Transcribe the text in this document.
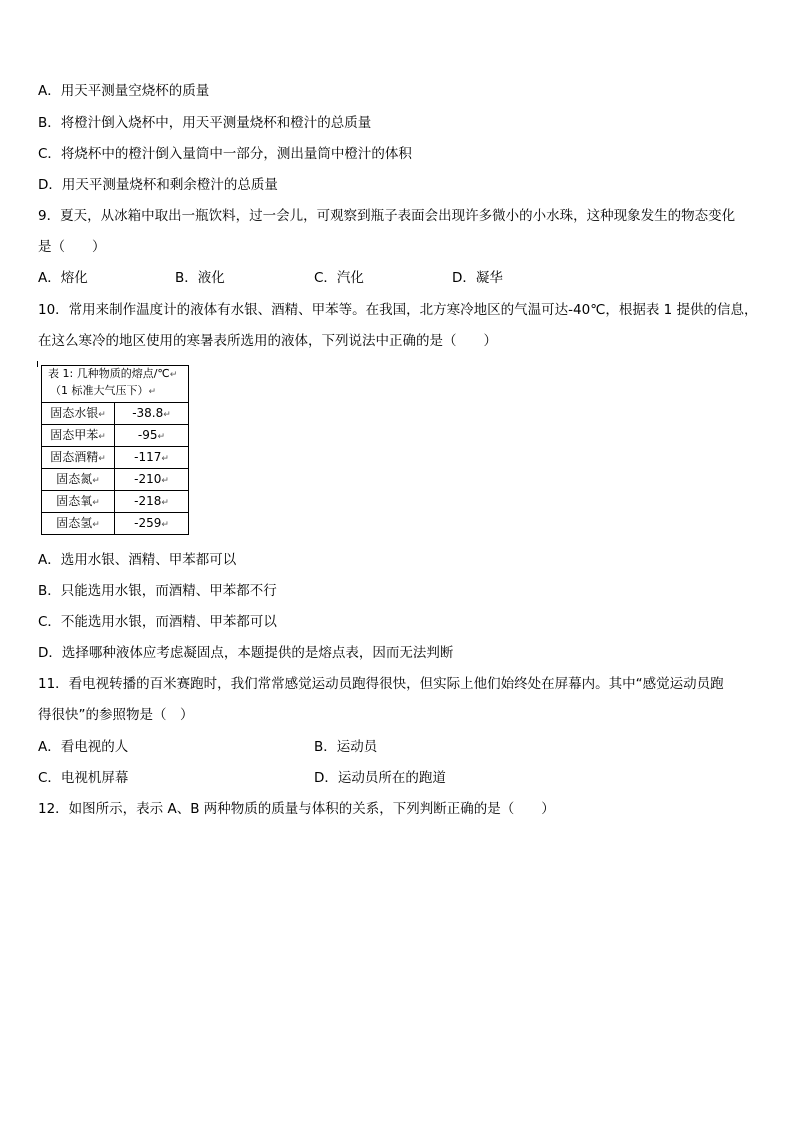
A．用天平测量空烧杯的质量
B．将橙汁倒入烧杯中，用天平测量烧杯和橙汁的总质量
C．将烧杯中的橙汁倒入量筒中一部分，测出量筒中橙汁的体积
D．用天平测量烧杯和剩余橙汁的总质量
9．夏天，从冰箱中取出一瓶饮料，过一会儿，可观察到瓶子表面会出现许多微小的小水珠，这种现象发生的物态变化
是（　　）
A．熔化	B．液化	C．汽化	D．凝华
10．常用来制作温度计的液体有水银、酒精、甲苯等。在我国，北方寒冷地区的气温可达-40℃，根据表 1 提供的信息，
在这么寒冷的地区使用的寒暑表所选用的液体，下列说法中正确的是（　　）
表 1: 几种物质的熔点/℃↵
（1 标准大气压下）↵
固态水银↵	-38.8↵
固态甲苯↵	-95↵
固态酒精↵	-117↵
固态氮↵	-210↵
固态氧↵	-218↵
固态氢↵	-259↵
A．选用水银、酒精、甲苯都可以
B．只能选用水银，而酒精、甲苯都不行
C．不能选用水银，而酒精、甲苯都可以
D．选择哪种液体应考虑凝固点，本题提供的是熔点表，因而无法判断
11．看电视转播的百米赛跑时，我们常常感觉运动员跑得很快，但实际上他们始终处在屏幕内。其中“感觉运动员跑
得很快”的参照物是（　）
A．看电视的人	B．运动员
C．电视机屏幕	D．运动员所在的跑道
12．如图所示，表示 A、B 两种物质的质量与体积的关系，下列判断正确的是（　　）
